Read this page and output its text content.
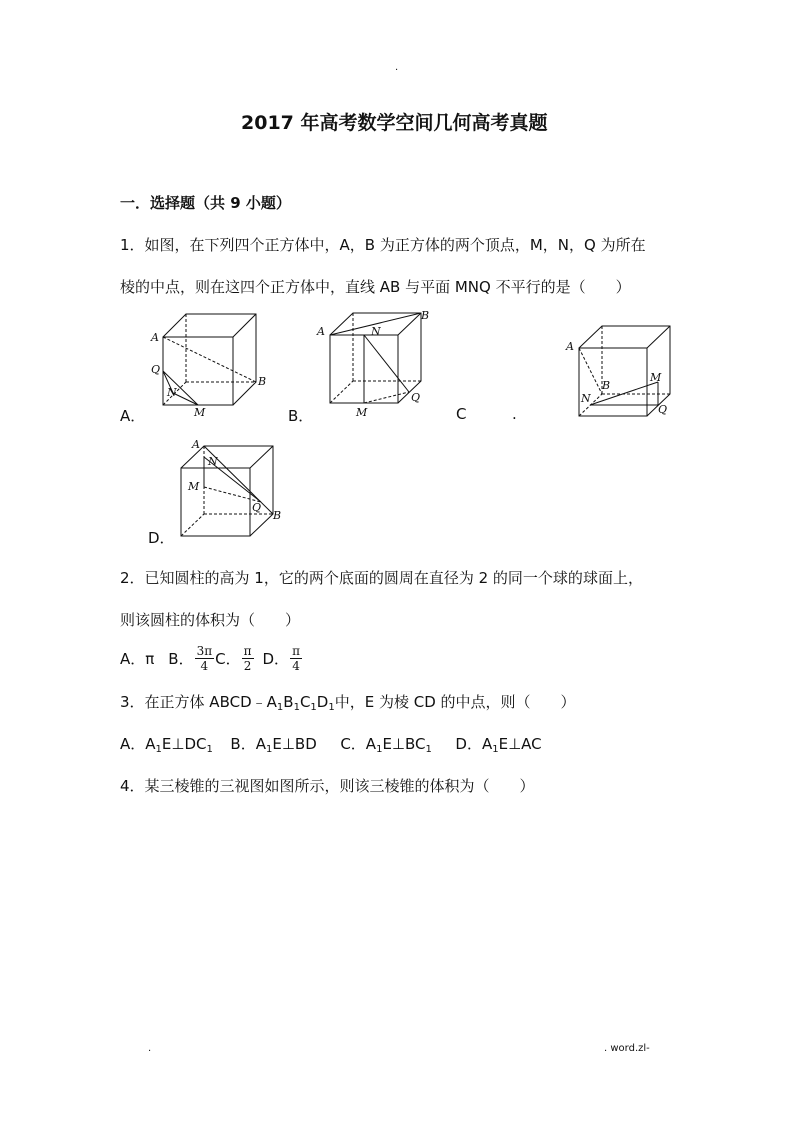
.
2017 年高考数学空间几何高考真题
一．选择题（共 9 小题）
1．如图，在下列四个正方体中，A，B 为正方体的两个顶点，M，N，Q 为所在
棱的中点，则在这四个正方体中，直线 AB 与平面 MNQ 不平行的是（　　）
A．	B．	C	.
D．
A
Q
N
M
B
A	N
B
M
Q
A
B
M
N
Q
A
N
M
Q
B
2．已知圆柱的高为 1，它的两个底面的圆周在直径为 2 的同一个球的球面上，
则该圆柱的体积为（　　）
A．π B． $\frac{3\pi}{4}$ C． $\frac{\pi}{2}$ D． $\frac{\pi}{4}$
3．在正方体 $ABCD﹣A_1B_1C_1D_1$中，E 为棱 CD 的中点，则（　　）
A．$A_1E\perp DC_1$ B．$A_1E\perp BD$ C．$A_1E\perp BC_1$ D．$A_1E\perp AC$
4．某三棱锥的三视图如图所示，则该三棱锥的体积为（　　）
.	. word.zl-
